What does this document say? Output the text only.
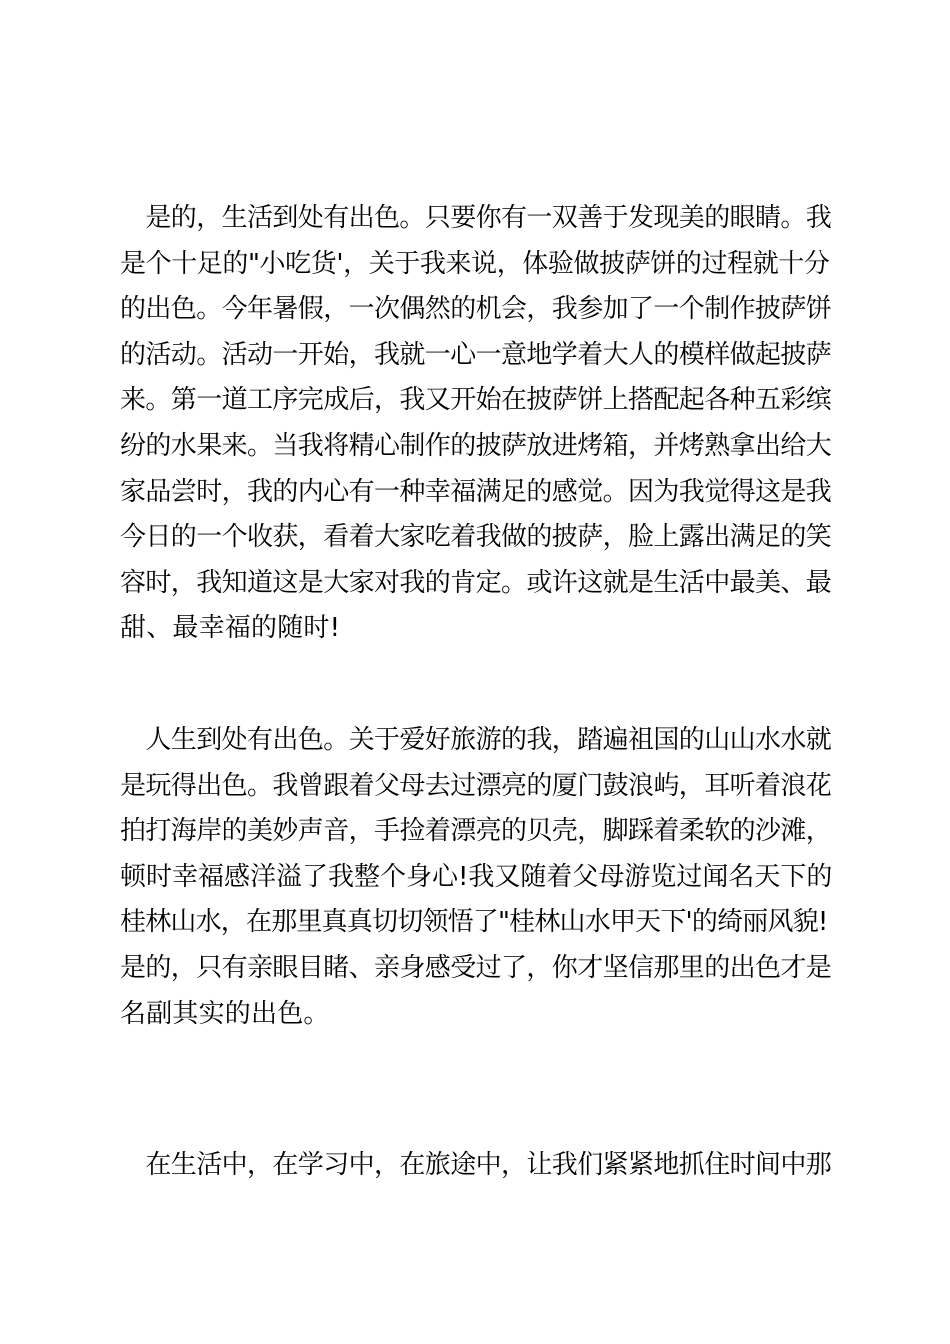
　是的，生活到处有出色。只要你有一双善于发现美的眼睛。我
是个十足的"小吃货'，关于我来说，体验做披萨饼的过程就十分
的出色。今年暑假，一次偶然的机会，我参加了一个制作披萨饼
的活动。活动一开始，我就一心一意地学着大人的模样做起披萨
来。第一道工序完成后，我又开始在披萨饼上搭配起各种五彩缤
纷的水果来。当我将精心制作的披萨放进烤箱，并烤熟拿出给大
家品尝时，我的内心有一种幸福满足的感觉。因为我觉得这是我
今日的一个收获，看着大家吃着我做的披萨，脸上露出满足的笑
容时，我知道这是大家对我的肯定。或许这就是生活中最美、最
甜、最幸福的随时!

　人生到处有出色。关于爱好旅游的我，踏遍祖国的山山水水就
是玩得出色。我曾跟着父母去过漂亮的厦门鼓浪屿，耳听着浪花
拍打海岸的美妙声音，手捡着漂亮的贝壳，脚踩着柔软的沙滩，
顿时幸福感洋溢了我整个身心!我又随着父母游览过闻名天下的
桂林山水，在那里真真切切领悟了"桂林山水甲天下'的绮丽风貌!
是的，只有亲眼目睹、亲身感受过了，你才坚信那里的出色才是
名副其实的出色。

　在生活中，在学习中，在旅途中，让我们紧紧地抓住时间中那
